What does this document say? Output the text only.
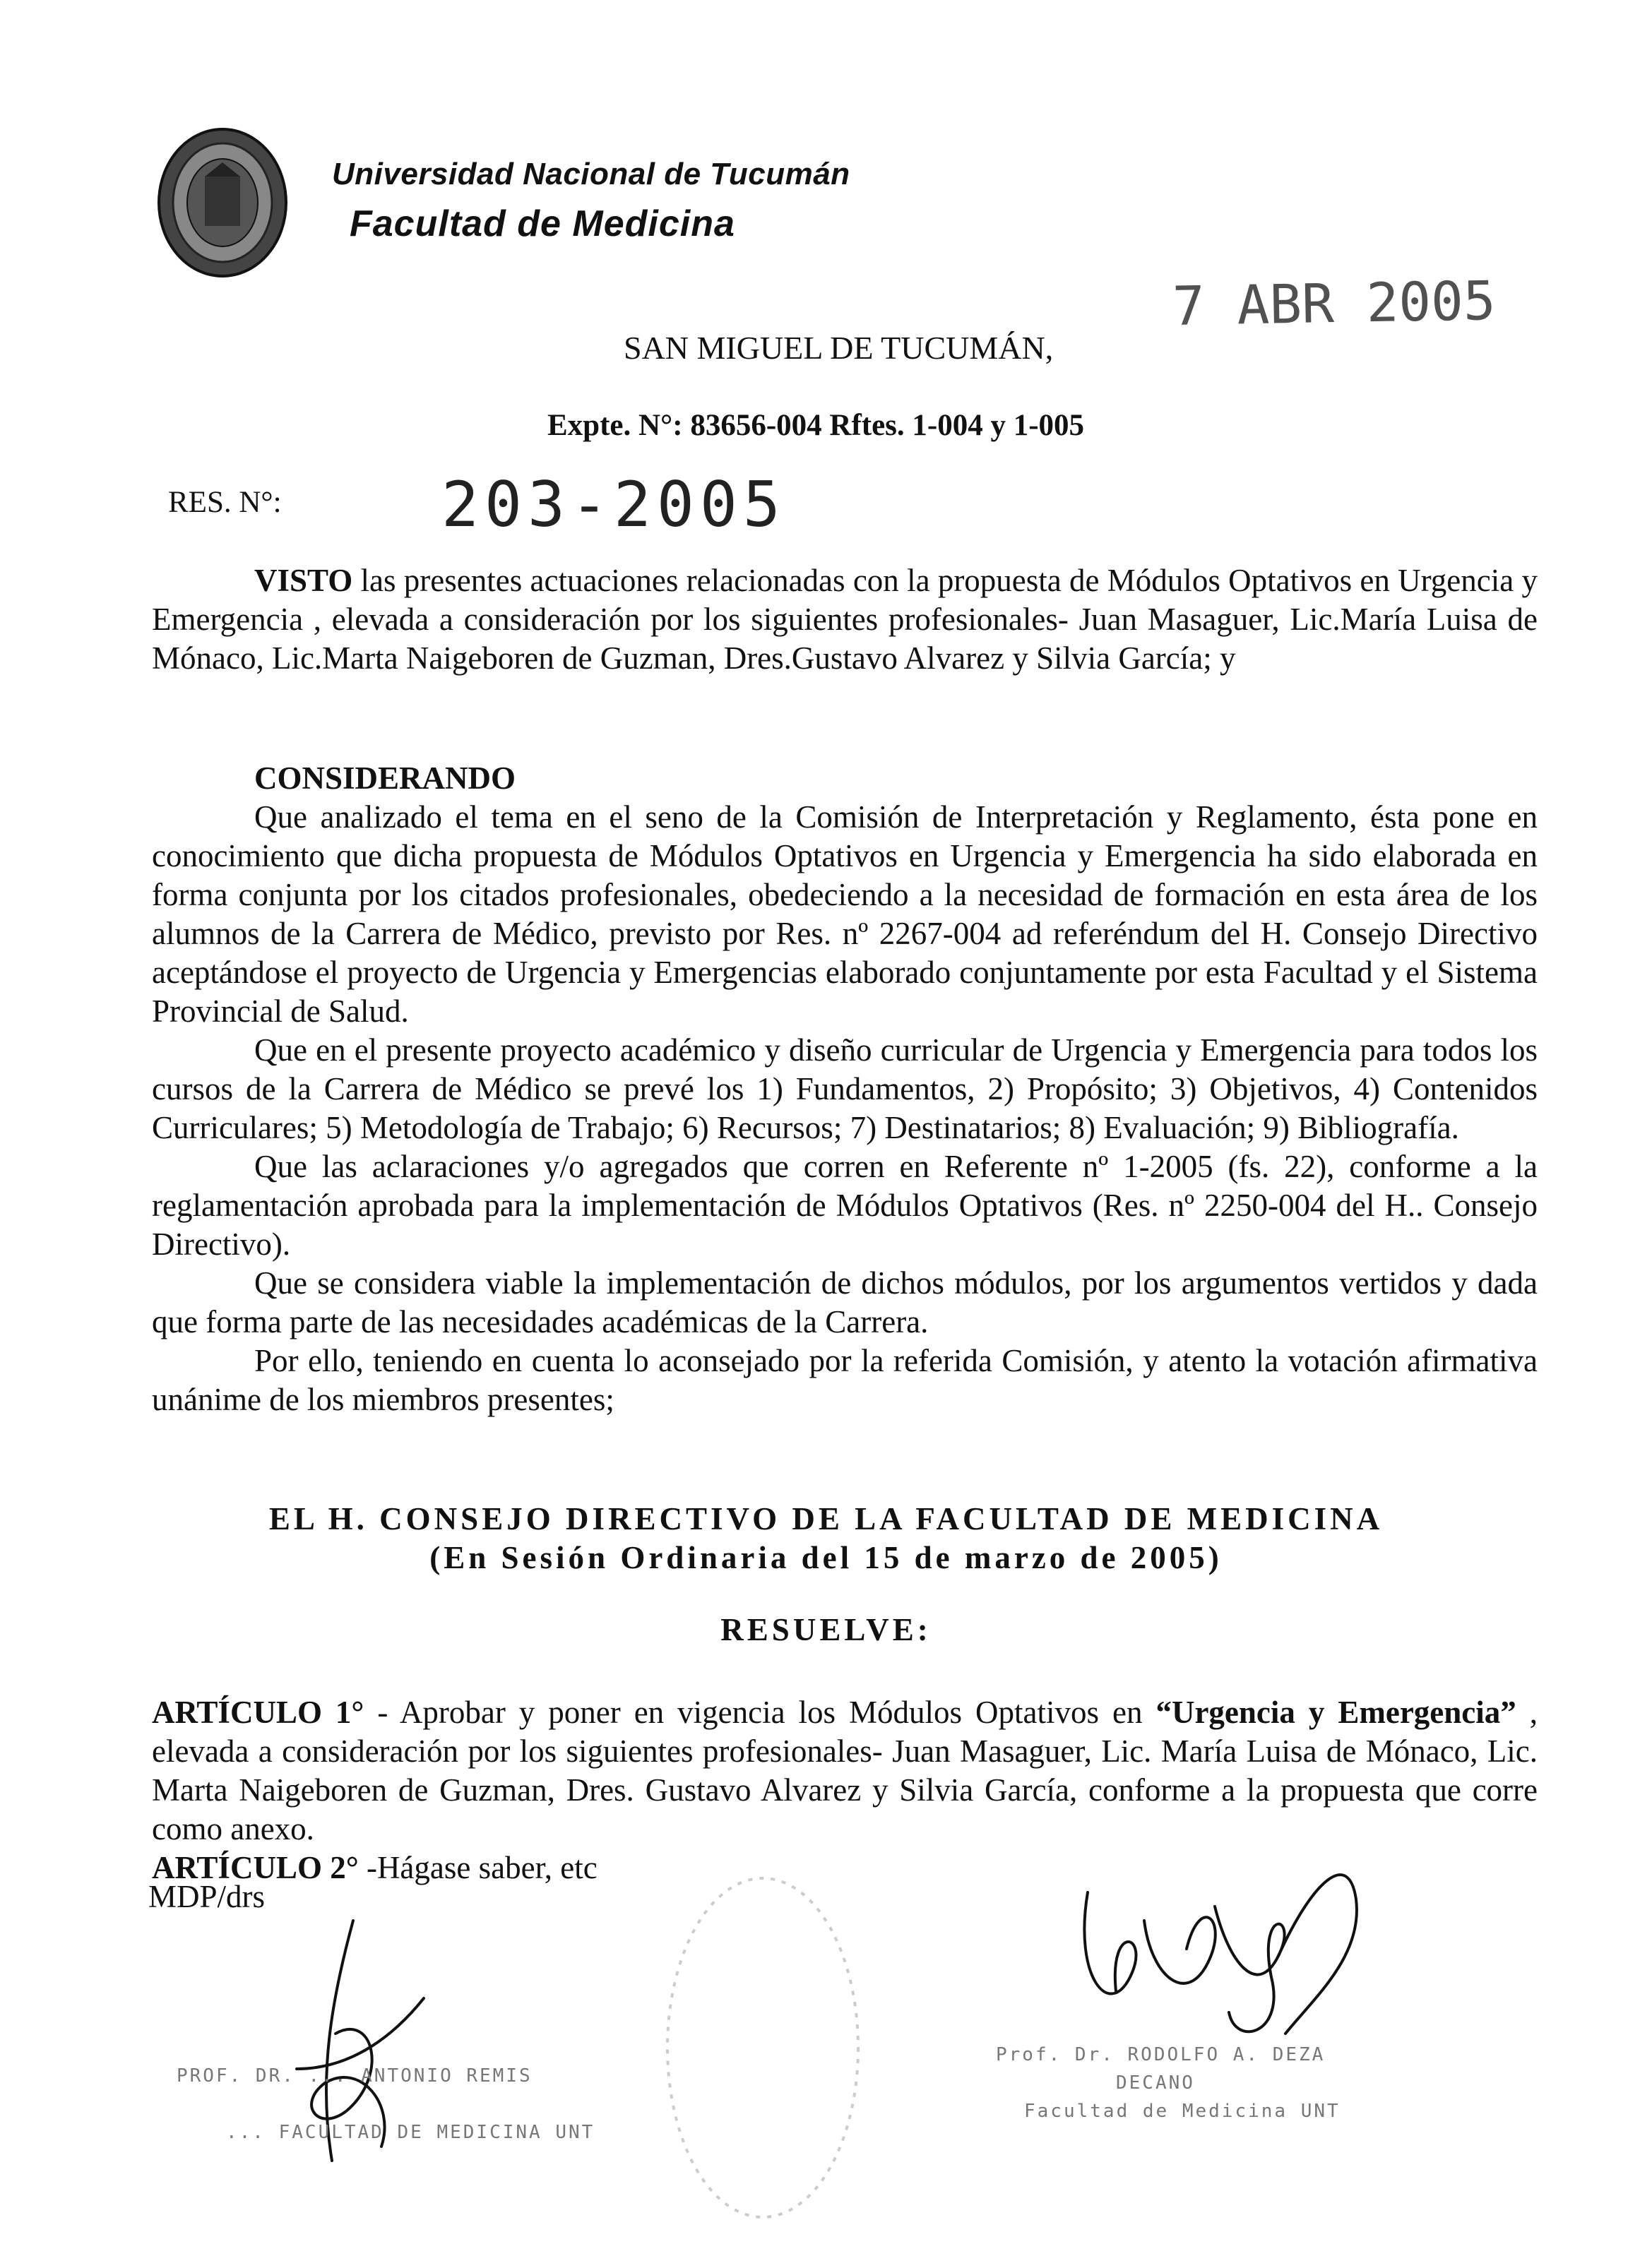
Universidad Nacional de Tucumán
Facultad de Medicina
7 ABR 2005
SAN MIGUEL DE TUCUMÁN,
Expte. N°: 83656-004 Rftes. 1-004 y 1-005
RES. N°:	203-2005

VISTO las presentes actuaciones relacionadas con la propuesta de Módulos Optativos en Urgencia y Emergencia , elevada a consideración por los siguientes profesionales- Juan Masaguer, Lic.María Luisa de Mónaco, Lic.Marta Naigeboren de Guzman, Dres.Gustavo Alvarez y Silvia García; y

CONSIDERANDO

Que analizado el tema en el seno de la Comisión de Interpretación y Reglamento, ésta pone en conocimiento que dicha propuesta de Módulos Optativos en Urgencia y Emergencia ha sido elaborada en forma conjunta por los citados profesionales, obedeciendo a la necesidad de formación en esta área de los alumnos de la Carrera de Médico, previsto por Res. nº 2267-004 ad referéndum del H. Consejo Directivo aceptándose el proyecto de Urgencia y Emergencias elaborado conjuntamente por esta Facultad y el Sistema Provincial de Salud.

Que en el presente proyecto académico y diseño curricular de Urgencia y Emergencia para todos los cursos de la Carrera de Médico se prevé los 1) Fundamentos, 2) Propósito; 3) Objetivos, 4) Contenidos Curriculares; 5) Metodología de Trabajo; 6) Recursos; 7) Destinatarios; 8) Evaluación; 9) Bibliografía.

Que las aclaraciones y/o agregados que corren en Referente nº 1-2005 (fs. 22), conforme a la reglamentación aprobada para la implementación de Módulos Optativos (Res. nº 2250-004 del H.. Consejo Directivo).

Que se considera viable la implementación de dichos módulos, por los argumentos vertidos y dada que forma parte de las necesidades académicas de la Carrera.

Por ello, teniendo en cuenta lo aconsejado por la referida Comisión, y atento la votación afirmativa unánime de los miembros presentes;

EL H. CONSEJO DIRECTIVO DE LA FACULTAD DE MEDICINA
(En Sesión Ordinaria del 15 de marzo de 2005)
RESUELVE:

ARTÍCULO 1° - Aprobar y poner en vigencia los Módulos Optativos en “Urgencia y Emergencia” , elevada a consideración por los siguientes profesionales- Juan Masaguer, Lic. María Luisa de Mónaco, Lic. Marta Naigeboren de Guzman, Dres. Gustavo Alvarez y Silvia García, conforme a la propuesta que corre como anexo.

ARTÍCULO 2° -Hágase saber, etc

MDP/drs
PROF. DR. ... ANTONIO REMIS
... FACULTAD DE MEDICINA UNT
Prof. Dr. RODOLFO A. DEZA
DECANO
Facultad de Medicina UNT
